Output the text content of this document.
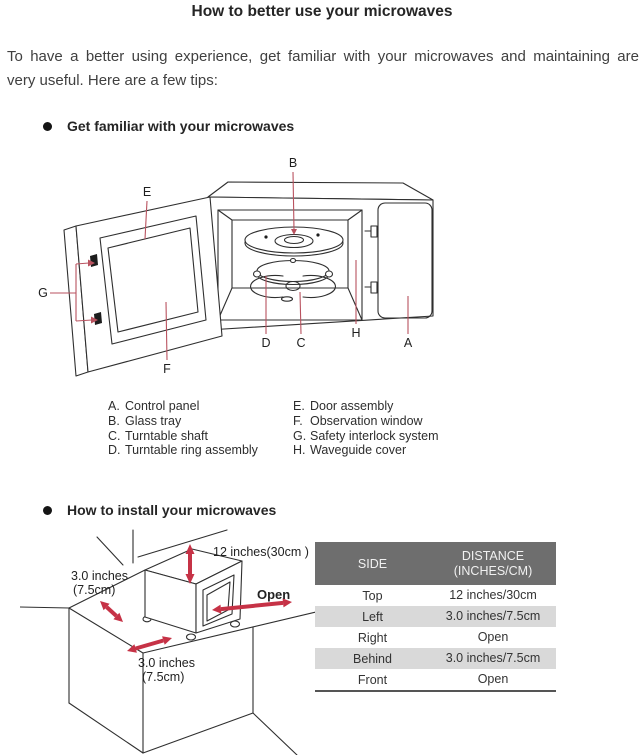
How to better use your microwaves
To have a better using experience, get familiar with your microwaves and maintaining are
very useful. Here are a few tips:
Get familiar with your microwaves
B
E
G
F
D C
H
A
A. Control panel
B. Glass tray
C. Turntable shaft
D. Turntable ring assembly
E. Door assembly
F. Observation window
G. Safety interlock system
H. Waveguide cover
How to install your microwaves
12 inches(30cm )
3.0 inches
(7.5cm)	Open
3.0 inches
(7.5cm)
SIDE
DISTANCE
(INCHES/CM)
Top	12 inches/30cm
Left	3.0 inches/7.5cm
Right	Open
Behind	3.0 inches/7.5cm
Front	Open
